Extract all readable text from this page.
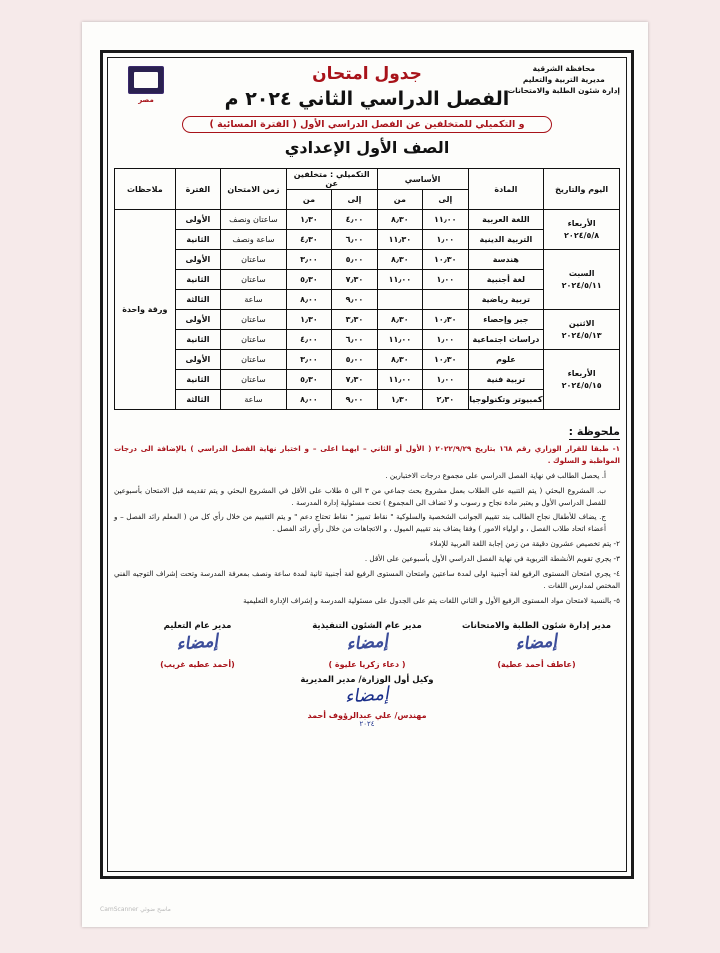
محافظة الشرقية
مديرية التربية والتعليم
إدارة شئون الطلبة والامتحانات
مصر
جدول امتحان
الفصل الدراسي الثاني ٢٠٢٤ م
و التكميلي للمتخلفين عن الفصل الدراسي الأول ( الفترة المسائية )
الصف الأول الإعدادي
اليوم والتاريخ	المادة	الأساسي		التكميلي : متخلفين عن		زمن الامتحان	الفترة	ملاحظات
		إلى	من	إلى	من			

الأربعاء
٢٠٢٤/٥/٨	اللغة العربية	١١٫٠٠	٨٫٣٠	٤٫٠٠	١٫٣٠	ساعتان ونصف	الأولى	ورقة واحدة
	التربية الدينية	١٫٠٠	١١٫٣٠	٦٫٠٠	٤٫٣٠	ساعة ونصف	الثانية	

السبت
٢٠٢٤/٥/١١	هندسة	١٠٫٣٠	٨٫٣٠	٥٫٠٠	٣٫٠٠	ساعتان	الأولى	
	لغة أجنبية	١٫٠٠	١١٫٠٠	٧٫٣٠	٥٫٣٠	ساعتان	الثانية	
	تربية رياضية			٩٫٠٠	٨٫٠٠	ساعة	الثالثة	

الاثنين
٢٠٢٤/٥/١٣	جبر وإحصاء	١٠٫٣٠	٨٫٣٠	٣٫٣٠	١٫٣٠	ساعتان	الأولى	
	دراسات اجتماعية	١٫٠٠	١١٫٠٠	٦٫٠٠	٤٫٠٠	ساعتان	الثانية	

الأربعاء
٢٠٢٤/٥/١٥	علوم	١٠٫٣٠	٨٫٣٠	٥٫٠٠	٣٫٠٠	ساعتان	الأولى	
	تربية فنية	١٫٠٠	١١٫٠٠	٧٫٣٠	٥٫٣٠	ساعتان	الثانية	
	كمبيوتر وتكنولوجيا	٢٫٣٠	١٫٣٠	٩٫٠٠	٨٫٠٠	ساعة	الثالثة	
ملحوظة :
١- طبقا للقرار الوزاري رقم ١٦٨ بتاريخ ٢٠٢٢/٩/٢٩ ( الأول أو الثاني – ايهما اعلى – و اختبار نهاية الفصل الدراسي ) بالإضافة الى درجات المواظبة و السلوك .
أ. يحصل الطالب في نهاية الفصل الدراسي على مجموع درجات الاختبارين .
ب. المشروع البحثي ( يتم التنبيه على الطلاب بعمل مشروع بحث جماعي من ٣ الى ٥ طلاب على الأقل في المشروع البحثي و يتم تقديمه قبل الامتحان بأسبوعين للفصل الدراسي الأول و يعتبر مادة نجاح و رسوب و لا تضاف الى المجموع ) تحت مسئولية إدارة المدرسة .
ج. يضاف للأطفال نجاح الطالب بند تقييم الجوانب الشخصية والسلوكية " نقاط تمييز " نقاط تحتاج دعم " و يتم التقييم من خلال رأي كل من ( المعلم رائد الفصل – و أعضاء اتحاد طلاب الفصل ، و اولياء الامور ) وفقا يضاف بند تقييم الميول ، و الاتجاهات من خلال رأي رائد الفصل .
٢- يتم تخصيص عشرون دقيقة من زمن إجابة اللغة العربية للإملاء
٣- يجري تقويم الأنشطة التربوية في نهاية الفصل الدراسي الأول بأسبوعين على الأقل .
٤- يجري امتحان المستوى الرفيع لغة أجنبية اولى لمدة ساعتين وامتحان المستوى الرفيع لغة أجنبية ثانية لمدة ساعة ونصف بمعرفة المدرسة وتحت إشراف التوجيه الفني المختص لمدارس اللغات .
٥- بالنسبة لامتحان مواد المستوى الرفيع الأول و الثاني اللغات يتم على الجدول على مسئولية المدرسة و إشراف الإدارة التعليمية
مدير إدارة شئون الطلبة والامتحانات
إمضاء
(عاطف أحمد عطية)
مدير عام الشئون التنفيذية
إمضاء
( دعاء زكريا عليوة )
مدير عام التعليم
إمضاء
(أحمد عطيه غريب)
وكيل أول الوزارة/ مدير المديرية
إمضاء
مهندس/ علي عبدالرؤوف أحمد
٢٠٢٤
CamScanner ماسح ضوئي
